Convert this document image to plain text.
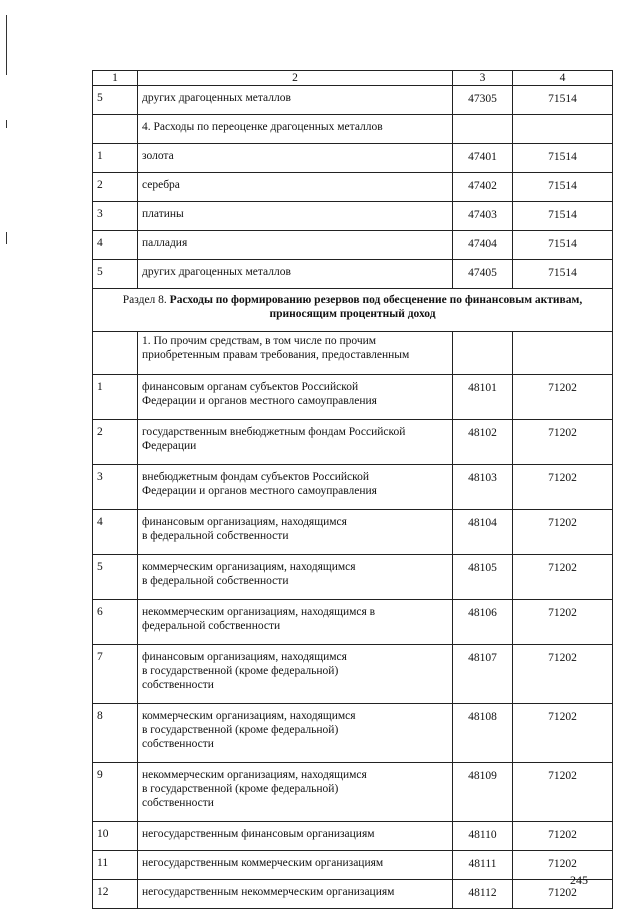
1	2	3	4
5	других драгоценных металлов	47305	71514
	4. Расходы по переоценке драгоценных металлов		
1	золота	47401	71514
2	серебра	47402	71514
3	платины	47403	71514
4	палладия	47404	71514
5	других драгоценных металлов	47405	71514
Раздел 8. Расходы по формированию резервов под обесценение по финансовым активам, приносящим процентный доход			

	1. По прочим средствам, в том числе по прочим
приобретенным правам требования, предоставленным		

1	финансовым органам субъектов Российской
Федерации и органов местного самоуправления	48101	71202
2	государственным внебюджетным фондам Российской
Федерации	48102	71202
3	внебюджетным фондам субъектов Российской
Федерации и органов местного самоуправления	48103	71202
4	финансовым организациям, находящимся
в федеральной собственности	48104	71202
5	коммерческим организациям, находящимся
в федеральной собственности	48105	71202
6	некоммерческим организациям, находящимся в
федеральной собственности	48106	71202
7	финансовым организациям, находящимся
в государственной (кроме федеральной)
собственности	48107	71202
8	коммерческим организациям, находящимся
в государственной (кроме федеральной)
собственности	48108	71202
9	некоммерческим организациям, находящимся
в государственной (кроме федеральной)
собственности	48109	71202
10	негосударственным финансовым организациям	48110	71202
11	негосударственным коммерческим организациям	48111	71202
12	негосударственным некоммерческим организациям	48112	71202
245
